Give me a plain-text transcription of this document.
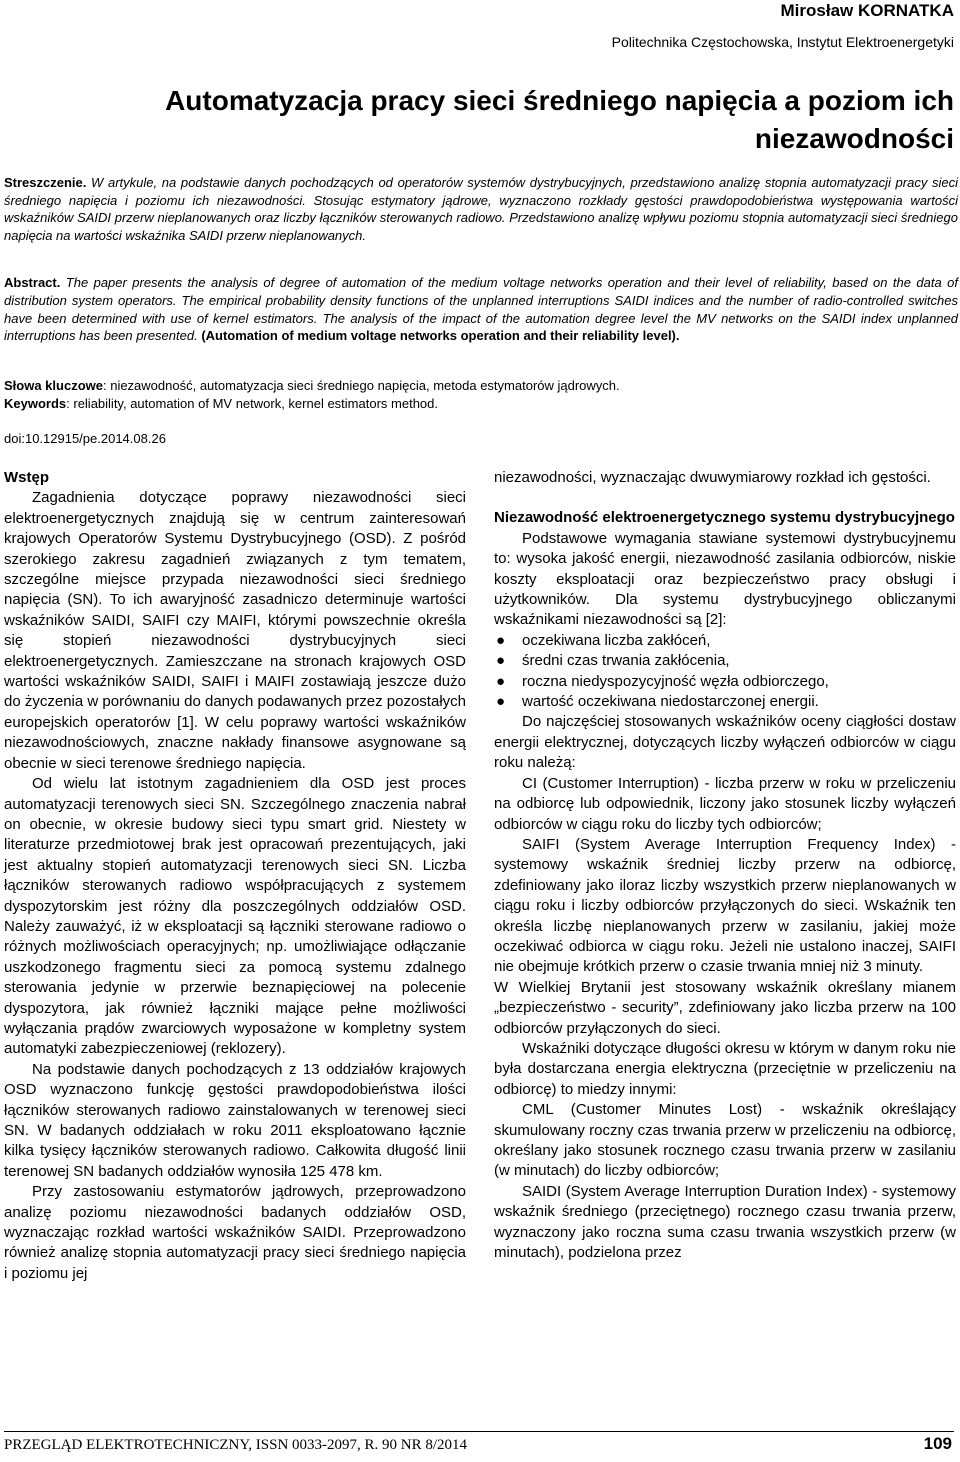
Mirosław KORNATKA
Politechnika Częstochowska, Instytut Elektroenergetyki
Automatyzacja pracy sieci średniego napięcia a poziom ich niezawodności
Streszczenie. W artykule, na podstawie danych pochodzących od operatorów systemów dystrybucyjnych, przedstawiono analizę stopnia automatyzacji pracy sieci średniego napięcia i poziomu ich niezawodności. Stosując estymatory jądrowe, wyznaczono rozkłady gęstości prawdopodobieństwa występowania wartości wskaźników SAIDI przerw nieplanowanych oraz liczby łączników sterowanych radiowo. Przedstawiono analizę wpływu poziomu stopnia automatyzacji sieci średniego napięcia na wartości wskaźnika SAIDI przerw nieplanowanych.
Abstract. The paper presents the analysis of degree of automation of the medium voltage networks operation and their level of reliability, based on the data of distribution system operators. The empirical probability density functions of the unplanned interruptions SAIDI indices and the number of radio-controlled switches have been determined with use of kernel estimators. The analysis of the impact of the automation degree level the MV networks on the SAIDI index unplanned interruptions has been presented. (Automation of medium voltage networks operation and their reliability level).
Słowa kluczowe: niezawodność, automatyzacja sieci średniego napięcia, metoda estymatorów jądrowych.
Keywords: reliability, automation of MV network, kernel estimators method.
doi:10.12915/pe.2014.08.26
Wstęp

Zagadnienia dotyczące poprawy niezawodności sieci elektroenergetycznych znajdują się w centrum zainteresowań krajowych Operatorów Systemu Dystrybucyjnego (OSD). Z pośród szerokiego zakresu zagadnień związanych z tym tematem, szczególne miejsce przypada niezawodności sieci średniego napięcia (SN). To ich awaryjność zasadniczo determinuje wartości wskaźników SAIDI, SAIFI czy MAIFI, którymi powszechnie określa się stopień niezawodności dystrybucyjnych sieci elektroenergetycznych. Zamieszczane na stronach krajowych OSD wartości wskaźników SAIDI, SAIFI i MAIFI zostawiają jeszcze dużo do życzenia w porównaniu do danych podawanych przez pozostałych europejskich operatorów [1]. W celu poprawy wartości wskaźników niezawodnościowych, znaczne nakłady finansowe asygnowane są obecnie w sieci terenowe średniego napięcia.

Od wielu lat istotnym zagadnieniem dla OSD jest proces automatyzacji terenowych sieci SN. Szczególnego znaczenia nabrał on obecnie, w okresie budowy sieci typu smart grid. Niestety w literaturze przedmiotowej brak jest opracowań prezentujących, jaki jest aktualny stopień automatyzacji terenowych sieci SN. Liczba łączników sterowanych radiowo współpracujących z systemem dyspozytorskim jest różny dla poszczególnych oddziałów OSD. Należy zauważyć, iż w eksploatacji są łączniki sterowane radiowo o różnych możliwościach operacyjnych; np. umożliwiające odłączanie uszkodzonego fragmentu sieci za pomocą systemu zdalnego sterowania jedynie w przerwie beznapięciowej na polecenie dyspozytora, jak również łączniki mające pełne możliwości wyłączania prądów zwarciowych wyposażone w kompletny system automatyki zabezpieczeniowej (reklozery).

Na podstawie danych pochodzących z 13 oddziałów krajowych OSD wyznaczono funkcję gęstości prawdopodobieństwa ilości łączników sterowanych radiowo zainstalowanych w terenowej sieci SN. W badanych oddziałach w roku 2011 eksploatowano łącznie kilka tysięcy łączników sterowanych radiowo. Całkowita długość linii terenowej SN badanych oddziałów wynosiła 125 478 km.

Przy zastosowaniu estymatorów jądrowych, przeprowadzono analizę poziomu niezawodności badanych oddziałów OSD, wyznaczając rozkład wartości wskaźników SAIDI. Przeprowadzono również analizę stopnia automatyzacji pracy sieci średniego napięcia i poziomu jej

niezawodności, wyznaczając dwuwymiarowy rozkład ich gęstości.

Niezawodność elektroenergetycznego systemu dystrybucyjnego

Podstawowe wymagania stawiane systemowi dystrybucyjnemu to: wysoka jakość energii, niezawodność zasilania odbiorców, niskie koszty eksploatacji oraz bezpieczeństwo pracy obsługi i użytkowników. Dla systemu dystrybucyjnego obliczanymi wskaźnikami niezawodności są [2]:

● oczekiwana liczba zakłóceń,
● średni czas trwania zakłócenia,
● roczna niedyspozycyjność węzła odbiorczego,
● wartość oczekiwana niedostarczonej energii.

Do najczęściej stosowanych wskaźników oceny ciągłości dostaw energii elektrycznej, dotyczących liczby wyłączeń odbiorców w ciągu roku należą:

CI (Customer Interruption) - liczba przerw w roku w przeliczeniu na odbiorcę lub odpowiednik, liczony jako stosunek liczby wyłączeń odbiorców w ciągu roku do liczby tych odbiorców;

SAIFI (System Average Interruption Frequency Index) - systemowy wskaźnik średniej liczby przerw na odbiorcę, zdefiniowany jako iloraz liczby wszystkich przerw nieplanowanych w ciągu roku i liczby odbiorców przyłączonych do sieci. Wskaźnik ten określa liczbę nieplanowanych przerw w zasilaniu, jakiej może oczekiwać odbiorca w ciągu roku. Jeżeli nie ustalono inaczej, SAIFI nie obejmuje krótkich przerw o czasie trwania mniej niż 3 minuty.

W Wielkiej Brytanii jest stosowany wskaźnik określany mianem „bezpieczeństwo - security”, zdefiniowany jako liczba przerw na 100 odbiorców przyłączonych do sieci.

Wskaźniki dotyczące długości okresu w którym w danym roku nie była dostarczana energia elektryczna (przeciętnie w przeliczeniu na odbiorcę) to miedzy innymi:

CML (Customer Minutes Lost) - wskaźnik określający skumulowany roczny czas trwania przerw w przeliczeniu na odbiorcę, określany jako stosunek rocznego czasu trwania przerw w zasilaniu (w minutach) do liczby odbiorców;

SAIDI (System Average Interruption Duration Index) - systemowy wskaźnik średniego (przeciętnego) rocznego czasu trwania przerw, wyznaczony jako roczna suma czasu trwania wszystkich przerw (w minutach), podzielona przez

PRZEGLĄD ELEKTROTECHNICZNY, ISSN 0033-2097, R. 90 NR 8/2014	109
